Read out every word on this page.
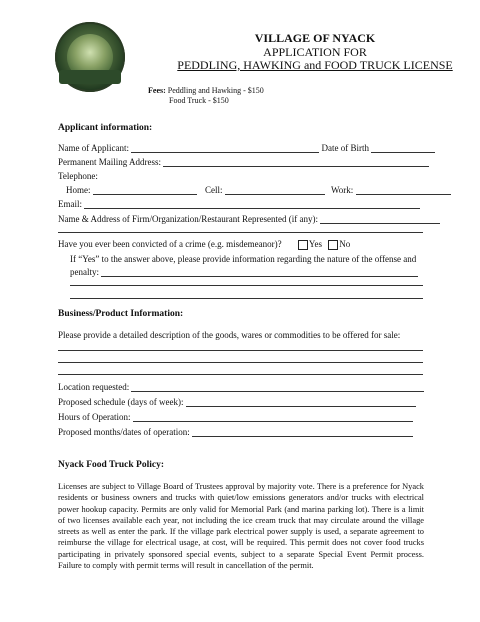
VILLAGE OF NYACK
APPLICATION FOR
PEDDLING, HAWKING and FOOD TRUCK LICENSE
Fees: Peddling and Hawking - $150
Food Truck - $150
Applicant information:
Name of Applicant:	Date of Birth
Permanent Mailing Address:
Telephone:
Home:	Cell:	Work:
Email:
Name & Address of Firm/Organization/Restaurant Represented (if any):
Have you ever been convicted of a crime (e.g. misdemeanor)?	Yes No
If “Yes” to the answer above, please provide information regarding the nature of the offense and
penalty:
Business/Product Information:
Please provide a detailed description of the goods, wares or commodities to be offered for sale:
Location requested:
Proposed schedule (days of week):
Hours of Operation:
Proposed months/dates of operation:
Nyack Food Truck Policy:
Licenses are subject to Village Board of Trustees approval by majority vote. There is a preference for Nyack residents or business owners and trucks with quiet/low emissions generators and/or trucks with electrical power hookup capacity. Permits are only valid for Memorial Park (and marina parking lot). There is a limit of two licenses available each year, not including the ice cream truck that may circulate around the village streets as well as enter the park. If the village park electrical power supply is used, a separate agreement to reimburse the village for electrical usage, at cost, will be required. This permit does not cover food trucks participating in privately sponsored special events, subject to a separate Special Event Permit process. Failure to comply with permit terms will result in cancellation of the permit.
